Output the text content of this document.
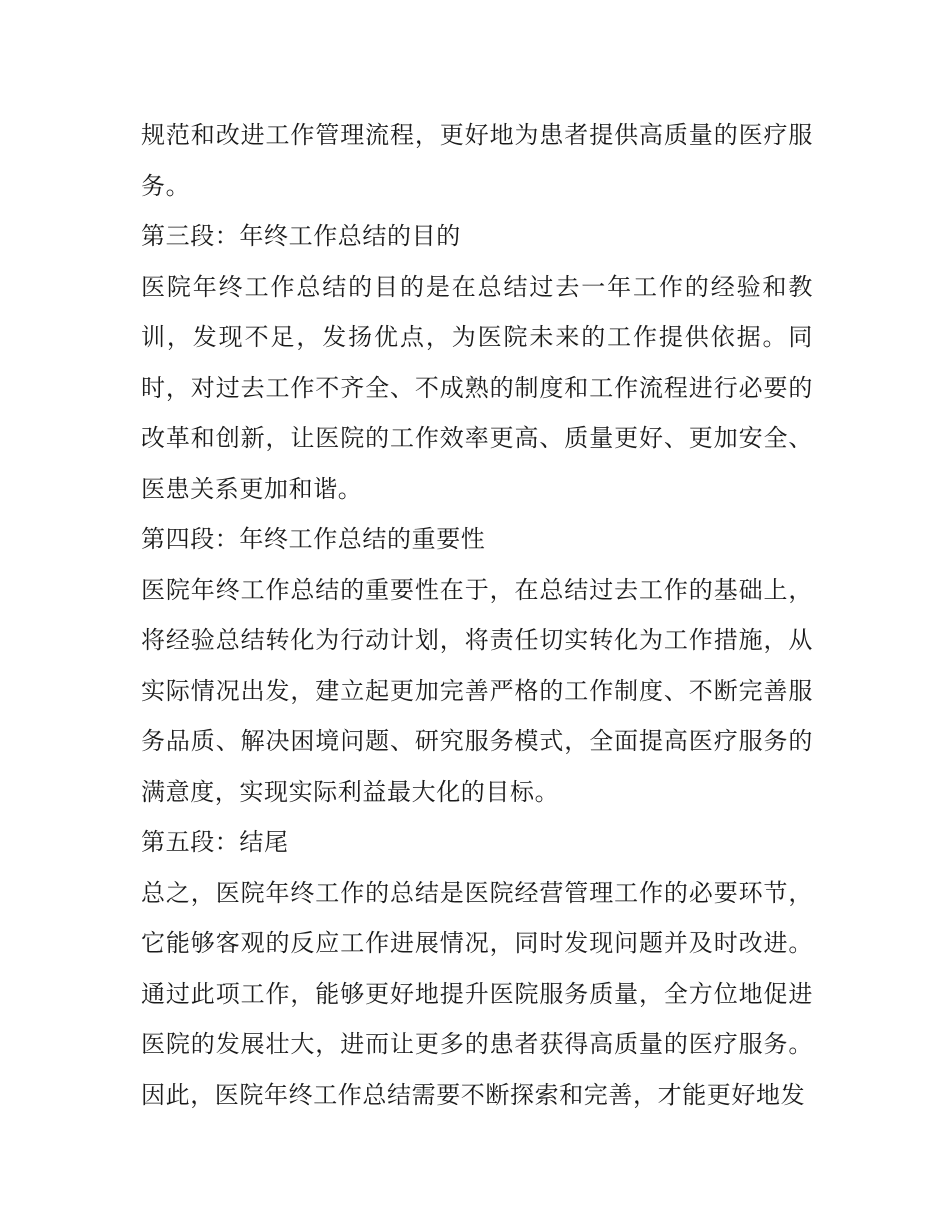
规范和改进工作管理流程，更好地为患者提供高质量的医疗服务。

第三段：年终工作总结的目的

医院年终工作总结的目的是在总结过去一年工作的经验和教训，发现不足，发扬优点，为医院未来的工作提供依据。同时，对过去工作不齐全、不成熟的制度和工作流程进行必要的改革和创新，让医院的工作效率更高、质量更好、更加安全、医患关系更加和谐。

第四段：年终工作总结的重要性

医院年终工作总结的重要性在于，在总结过去工作的基础上，将经验总结转化为行动计划，将责任切实转化为工作措施，从实际情况出发，建立起更加完善严格的工作制度、不断完善服务品质、解决困境问题、研究服务模式，全面提高医疗服务的满意度，实现实际利益最大化的目标。

第五段：结尾

总之，医院年终工作的总结是医院经营管理工作的必要环节，它能够客观的反应工作进展情况，同时发现问题并及时改进。通过此项工作，能够更好地提升医院服务质量，全方位地促进医院的发展壮大，进而让更多的患者获得高质量的医疗服务。因此，医院年终工作总结需要不断探索和完善，才能更好地发
